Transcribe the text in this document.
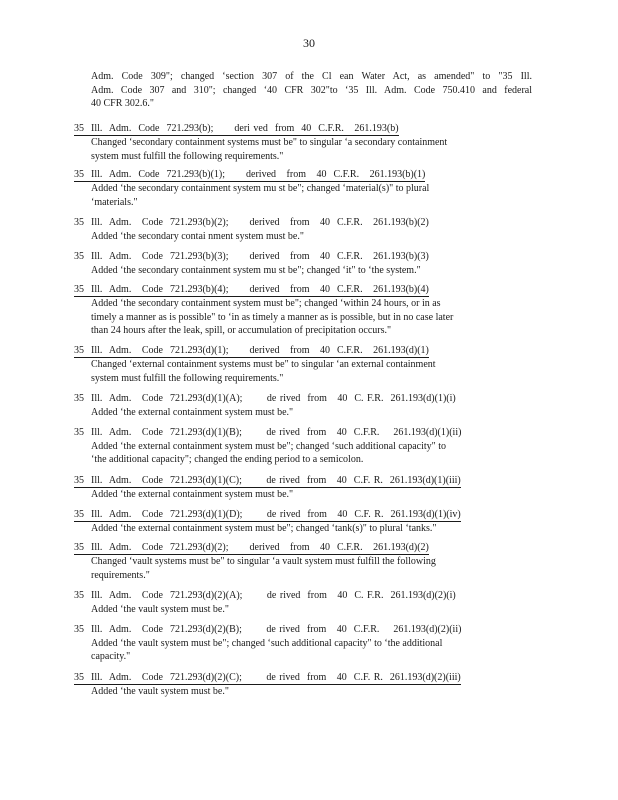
30
Adm. Code 309"; changed ‘section 307 of the Cl ean Water Act, as amended" to "35 Ill.
Adm. Code 307 and 310"; changed ‘40 CFR 302"to ‘35 Ill. Adm. Code 750.410 and federal
40 CFR 302.6."
35  Ill.  Adm.  Code  721.293(b);      deri ved  from  40  C.F.R.   261.193(b)
Changed ‘secondary containment systems must be" to singular ‘a secondary containment
system must fulfill the following requirements."
35  Ill.  Adm.  Code  721.293(b)(1);      derived   from   40  C.F.R.   261.193(b)(1)
Added ‘the secondary containment system mu st be"; changed ‘material(s)" to plural
‘materials."
35  Ill.  Adm.   Code  721.293(b)(2);      derived   from   40  C.F.R.   261.193(b)(2)
Added ‘the secondary contai nment system must be."
35  Ill.  Adm.   Code  721.293(b)(3);      derived   from   40  C.F.R.   261.193(b)(3)
Added ‘the secondary containment system mu st be"; changed ‘it" to ‘the system."
35  Ill.  Adm.   Code  721.293(b)(4);      derived   from   40  C.F.R.   261.193(b)(4)
Added ‘the secondary containment system must be"; changed ‘within 24 hours, or in as
timely a manner as is possible" to ‘in as timely a manner as is possible, but in no case later
than 24 hours after the leak, spill, or accumulation of precipitation occurs."
35  Ill.  Adm.   Code  721.293(d)(1);      derived   from   40  C.F.R.   261.193(d)(1)
Changed ‘external containment systems must be" to singular ‘an external containment
system must fulfill the following requirements."
35  Ill.  Adm.   Code  721.293(d)(1)(A);       de rived  from   40  C. F.R.  261.193(d)(1)(i)
Added ‘the external containment system must be."
35  Ill.  Adm.   Code  721.293(d)(1)(B);       de rived  from   40  C.F.R.    261.193(d)(1)(ii)
Added ‘the external containment system must be"; changed ‘such additional capacity" to
‘the additional capacity"; changed the ending period to a semicolon.
35  Ill.  Adm.   Code  721.293(d)(1)(C);       de rived  from   40  C.F. R.  261.193(d)(1)(iii)
Added ‘the external containment system must be."
35  Ill.  Adm.   Code  721.293(d)(1)(D);       de rived  from   40  C.F. R.  261.193(d)(1)(iv)
Added ‘the external containment system must be"; changed ‘tank(s)" to plural ‘tanks."
35  Ill.  Adm.   Code  721.293(d)(2);      derived   from   40  C.F.R.   261.193(d)(2)
Changed ‘vault systems must be" to singular ‘a vault system must fulfill the following
requirements."
35  Ill.  Adm.   Code  721.293(d)(2)(A);       de rived  from   40  C. F.R.  261.193(d)(2)(i)
Added ‘the vault system must be."
35  Ill.  Adm.   Code  721.293(d)(2)(B);       de rived  from   40  C.F.R.    261.193(d)(2)(ii)
Added ‘the vault system must be"; changed ‘such additional capacity" to ‘the additional
capacity."
35  Ill.  Adm.   Code  721.293(d)(2)(C);       de rived  from   40  C.F. R.  261.193(d)(2)(iii)
Added ‘the vault system must be."
